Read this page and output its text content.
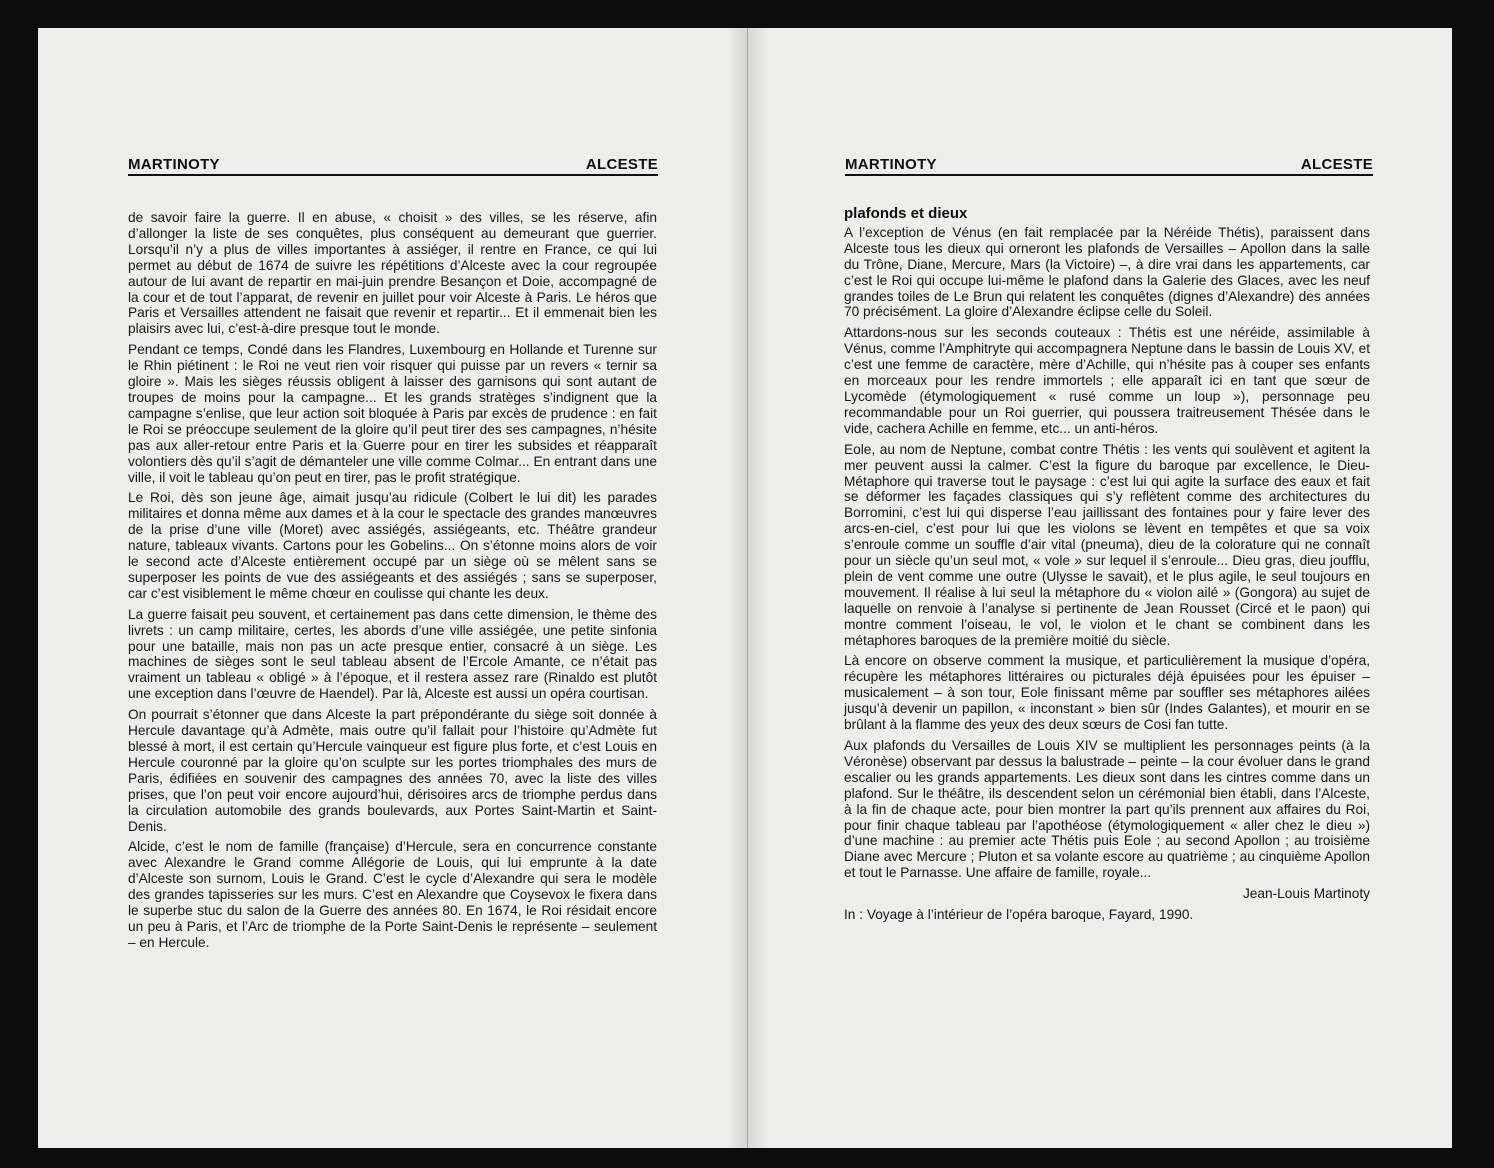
MARTINOTY	ALCESTE

de savoir faire la guerre. Il en abuse, « choisit » des villes, se les réserve, afin d’allonger la liste de ses conquêtes, plus conséquent au demeurant que guerrier. Lorsqu’il n’y a plus de villes importantes à assiéger, il rentre en France, ce qui lui permet au début de 1674 de suivre les répétitions d’Alceste avec la cour regroupée autour de lui avant de repartir en mai-juin prendre Besançon et Doie, accompagné de la cour et de tout l’apparat, de revenir en juillet pour voir Alceste à Paris. Le héros que Paris et Versailles attendent ne faisait que revenir et repartir... Et il emmenait bien les plaisirs avec lui, c’est-à-dire presque tout le monde.

Pendant ce temps, Condé dans les Flandres, Luxembourg en Hollande et Turenne sur le Rhin piétinent : le Roi ne veut rien voir risquer qui puisse par un revers « ternir sa gloire ». Mais les sièges réussis obligent à laisser des garnisons qui sont autant de troupes de moins pour la campagne... Et les grands stratèges s’indignent que la campagne s’enlise, que leur action soit bloquée à Paris par excès de prudence : en fait le Roi se préoccupe seulement de la gloire qu’il peut tirer des ses campagnes, n’hésite pas aux aller-retour entre Paris et la Guerre pour en tirer les subsides et réapparaît volontiers dès qu’il s’agit de démanteler une ville comme Colmar... En entrant dans une ville, il voit le tableau qu’on peut en tirer, pas le profit stratégique.

Le Roi, dès son jeune âge, aimait jusqu’au ridicule (Colbert le lui dit) les parades militaires et donna même aux dames et à la cour le spectacle des grandes manœuvres de la prise d’une ville (Moret) avec assiégés, assiégeants, etc. Théâtre grandeur nature, tableaux vivants. Cartons pour les Gobelins... On s’étonne moins alors de voir le second acte d’Alceste entièrement occupé par un siège où se mêlent sans se superposer les points de vue des assiégeants et des assiégés ; sans se superposer, car c’est visiblement le même chœur en coulisse qui chante les deux.

La guerre faisait peu souvent, et certainement pas dans cette dimension, le thème des livrets : un camp militaire, certes, les abords d’une ville assiégée, une petite sinfonia pour une bataille, mais non pas un acte presque entier, consacré à un siège. Les machines de sièges sont le seul tableau absent de l’Ercole Amante, ce n’était pas vraiment un tableau « obligé » à l’époque, et il restera assez rare (Rinaldo est plutôt une exception dans l’œuvre de Haendel). Par là, Alceste est aussi un opéra courtisan.

On pourrait s’étonner que dans Alceste la part prépondérante du siège soit donnée à Hercule davantage qu’à Admète, mais outre qu’il fallait pour l’histoire qu’Admète fut blessé à mort, il est certain qu’Hercule vainqueur est figure plus forte, et c’est Louis en Hercule couronné par la gloire qu’on sculpte sur les portes triomphales des murs de Paris, édifiées en souvenir des campagnes des années 70, avec la liste des villes prises, que l’on peut voir encore aujourd’hui, dérisoires arcs de triomphe perdus dans la circulation automobile des grands boulevards, aux Portes Saint-Martin et Saint-Denis.

Alcide, c’est le nom de famille (française) d’Hercule, sera en concurrence constante avec Alexandre le Grand comme Allégorie de Louis, qui lui emprunte à la date d’Alceste son surnom, Louis le Grand. C’est le cycle d’Alexandre qui sera le modèle des grandes tapisseries sur les murs. C’est en Alexandre que Coysevox le fixera dans le superbe stuc du salon de la Guerre des années 80. En 1674, le Roi résidait encore un peu à Paris, et l’Arc de triomphe de la Porte Saint-Denis le représente – seulement – en Hercule.

MARTINOTY	ALCESTE
plafonds et dieux

A l’exception de Vénus (en fait remplacée par la Néréide Thétis), paraissent dans Alceste tous les dieux qui orneront les plafonds de Versailles – Apollon dans la salle du Trône, Diane, Mercure, Mars (la Victoire) –, à dire vrai dans les appartements, car c’est le Roi qui occupe lui-même le plafond dans la Galerie des Glaces, avec les neuf grandes toiles de Le Brun qui relatent les conquêtes (dignes d’Alexandre) des années 70 précisément. La gloire d’Alexandre éclipse celle du Soleil.

Attardons-nous sur les seconds couteaux : Thétis est une néréide, assimilable à Vénus, comme l’Amphitryte qui accompagnera Neptune dans le bassin de Louis XV, et c’est une femme de caractère, mère d’Achille, qui n’hésite pas à couper ses enfants en morceaux pour les rendre immortels ; elle apparaît ici en tant que sœur de Lycomède (étymologiquement « rusé comme un loup »), personnage peu recommandable pour un Roi guerrier, qui poussera traitreusement Thésée dans le vide, cachera Achille en femme, etc... un anti-héros.

Eole, au nom de Neptune, combat contre Thétis : les vents qui soulèvent et agitent la mer peuvent aussi la calmer. C’est la figure du baroque par excellence, le Dieu-Métaphore qui traverse tout le paysage : c’est lui qui agite la surface des eaux et fait se déformer les façades classiques qui s’y reflètent comme des architectures du Borromini, c’est lui qui disperse l’eau jaillissant des fontaines pour y faire lever des arcs-en-ciel, c’est pour lui que les violons se lèvent en tempêtes et que sa voix s’enroule comme un souffle d’air vital (pneuma), dieu de la colorature qui ne connaît pour un siècle qu’un seul mot, « vole » sur lequel il s’enroule... Dieu gras, dieu joufflu, plein de vent comme une outre (Ulysse le savait), et le plus agile, le seul toujours en mouvement. Il réalise à lui seul la métaphore du « violon ailé » (Gongora) au sujet de laquelle on renvoie à l’analyse si pertinente de Jean Rousset (Circé et le paon) qui montre comment l’oiseau, le vol, le violon et le chant se combinent dans les métaphores baroques de la première moitié du siècle.

Là encore on observe comment la musique, et particulièrement la musique d’opéra, récupère les métaphores littéraires ou picturales déjà épuisées pour les épuiser – musicalement – à son tour, Eole finissant même par souffler ses métaphores ailées jusqu’à devenir un papillon, « inconstant » bien sûr (Indes Galantes), et mourir en se brûlant à la flamme des yeux des deux sœurs de Cosi fan tutte.

Aux plafonds du Versailles de Louis XIV se multiplient les personnages peints (à la Véronèse) observant par dessus la balustrade – peinte – la cour évoluer dans le grand escalier ou les grands appartements. Les dieux sont dans les cintres comme dans un plafond. Sur le théâtre, ils descendent selon un cérémonial bien établi, dans l’Alceste, à la fin de chaque acte, pour bien montrer la part qu’ils prennent aux affaires du Roi, pour finir chaque tableau par l’apothéose (étymologiquement « aller chez le dieu ») d’une machine : au premier acte Thétis puis Eole ; au second Apollon ; au troisième Diane avec Mercure ; Pluton et sa volante escore au quatrième ; au cinquième Apollon et tout le Parnasse. Une affaire de famille, royale...

Jean-Louis Martinoty

In : Voyage à l’intérieur de l’opéra baroque, Fayard, 1990.
